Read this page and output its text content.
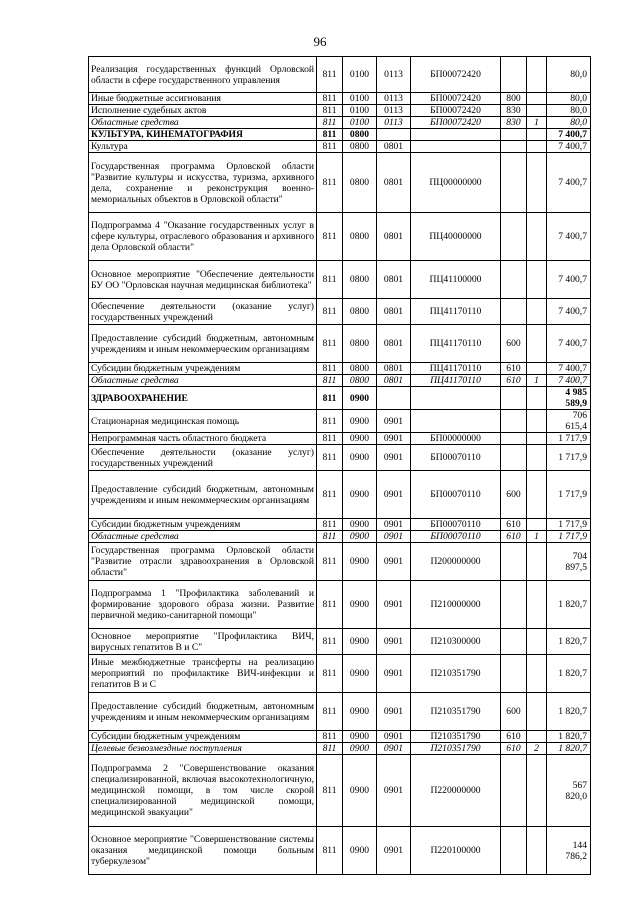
96
Реализация государственных функций Орловской области в сфере государственного управления	811	0100	0113	БП00072420			80,0
Иные бюджетные ассигнования	811	0100	0113	БП00072420	800		80,0
Исполнение судебных актов	811	0100	0113	БП00072420	830		80,0
Областные средства	811	0100	0113	БП00072420	830	1	80,0
КУЛЬТУРА, КИНЕМАТОГРАФИЯ	811	0800					7 400,7
Культура	811	0800	0801				7 400,7
Государственная программа Орловской области "Развитие культуры и искусства, туризма, архивного дела, сохранение и реконструкция военно-мемориальных объектов в Орловской области"	811	0800	0801	ПЦ00000000			7 400,7
Подпрограмма 4 "Оказание государственных услуг в сфере культуры, отраслевого образования и архивного дела Орловской области"	811	0800	0801	ПЦ40000000			7 400,7
Основное мероприятие "Обеспечение деятельности БУ ОО "Орловская научная медицинская библиотека"	811	0800	0801	ПЦ41100000			7 400,7
Обеспечение деятельности (оказание услуг) государственных учреждений	811	0800	0801	ПЦ41170110			7 400,7
Предоставление субсидий бюджетным, автономным учреждениям и иным некоммерческим организациям	811	0800	0801	ПЦ41170110	600		7 400,7
Субсидии бюджетным учреждениям	811	0800	0801	ПЦ41170110	610		7 400,7
Областные средства	811	0800	0801	ПЦ41170110	610	1	7 400,7
ЗДРАВООХРАНЕНИЕ	811	0900					4 985 589,9
Стационарная медицинская помощь	811	0900	0901				706 615,4
Непрограммная часть областного бюджета	811	0900	0901	БП00000000			1 717,9
Обеспечение деятельности (оказание услуг) государственных учреждений	811	0900	0901	БП00070110			1 717,9
Предоставление субсидий бюджетным, автономным учреждениям и иным некоммерческим организациям	811	0900	0901	БП00070110	600		1 717,9
Субсидии бюджетным учреждениям	811	0900	0901	БП00070110	610		1 717,9
Областные средства	811	0900	0901	БП00070110	610	1	1 717,9
Государственная программа Орловской области "Развитие отрасли здравоохранения в Орловской области"	811	0900	0901	П200000000			704 897,5
Подпрограмма 1 "Профилактика заболеваний и формирование здорового образа жизни. Развитие первичной медико-санитарной помощи"	811	0900	0901	П210000000			1 820,7
Основное мероприятие "Профилактика ВИЧ, вирусных гепатитов В и С"	811	0900	0901	П210300000			1 820,7
Иные межбюджетные трансферты на реализацию мероприятий по профилактике ВИЧ-инфекции и гепатитов В и С	811	0900	0901	П210351790			1 820,7
Предоставление субсидий бюджетным, автономным учреждениям и иным некоммерческим организациям	811	0900	0901	П210351790	600		1 820,7
Субсидии бюджетным учреждениям	811	0900	0901	П210351790	610		1 820,7
Целевые безвозмездные поступления	811	0900	0901	П210351790	610	2	1 820,7
Подпрограмма 2 "Совершенствование оказания специализированной, включая высокотехнологичную, медицинской помощи, в том числе скорой специализированной медицинской помощи, медицинской эвакуации"	811	0900	0901	П220000000			567 820,0
Основное мероприятие "Совершенствование системы оказания медицинской помощи больным туберкулезом"	811	0900	0901	П220100000			144 786,2
